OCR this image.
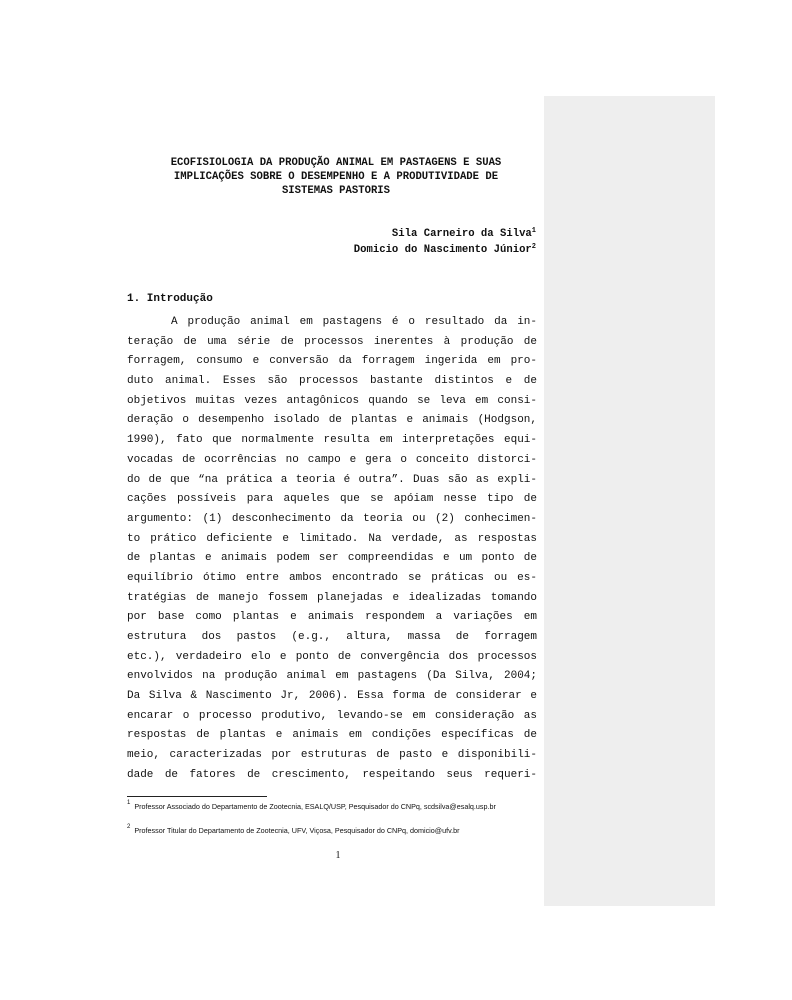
ECOFISIOLOGIA DA PRODUÇÃO ANIMAL EM PASTAGENS E SUAS
IMPLICAÇÕES SOBRE O DESEMPENHO E A PRODUTIVIDADE DE
SISTEMAS PASTORIS
Sila Carneiro da Silva$^1$
Domicio do Nascimento Júnior$^2$
1. Introdução
A produção animal em pastagens é o resultado da in-
teração de uma série de processos inerentes à produção de
forragem, consumo e conversão da forragem ingerida em pro-
duto animal. Esses são processos bastante distintos e de
objetivos muitas vezes antagônicos quando se leva em consi-
deração o desempenho isolado de plantas e animais (Hodgson,
1990), fato que normalmente resulta em interpretações equi-
vocadas de ocorrências no campo e gera o conceito distorci-
do de que “na prática a teoria é outra”. Duas são as expli-
cações possíveis para aqueles que se apóiam nesse tipo de
argumento: (1) desconhecimento da teoria ou (2) conhecimen-
to prático deficiente e limitado. Na verdade, as respostas
de plantas e animais podem ser compreendidas e um ponto de
equilíbrio ótimo entre ambos encontrado se práticas ou es-
tratégias de manejo fossem planejadas e idealizadas tomando
por base como plantas e animais respondem a variações em
estrutura dos pastos (e.g., altura, massa de forragem
etc.), verdadeiro elo e ponto de convergência dos processos
envolvidos na produção animal em pastagens (Da Silva, 2004;
Da Silva & Nascimento Jr, 2006). Essa forma de considerar e
encarar o processo produtivo, levando-se em consideração as
respostas de plantas e animais em condições específicas de
meio, caracterizadas por estruturas de pasto e disponibili-
dade de fatores de crescimento, respeitando seus requeri-
$^1$ Professor Associado do Departamento de Zootecnia, ESALQ/USP, Pesquisador do CNPq, scdsilva@esalq.usp.br
$^2$ Professor Titular do Departamento de Zootecnia, UFV, Viçosa, Pesquisador do CNPq, domicio@ufv.br
1
